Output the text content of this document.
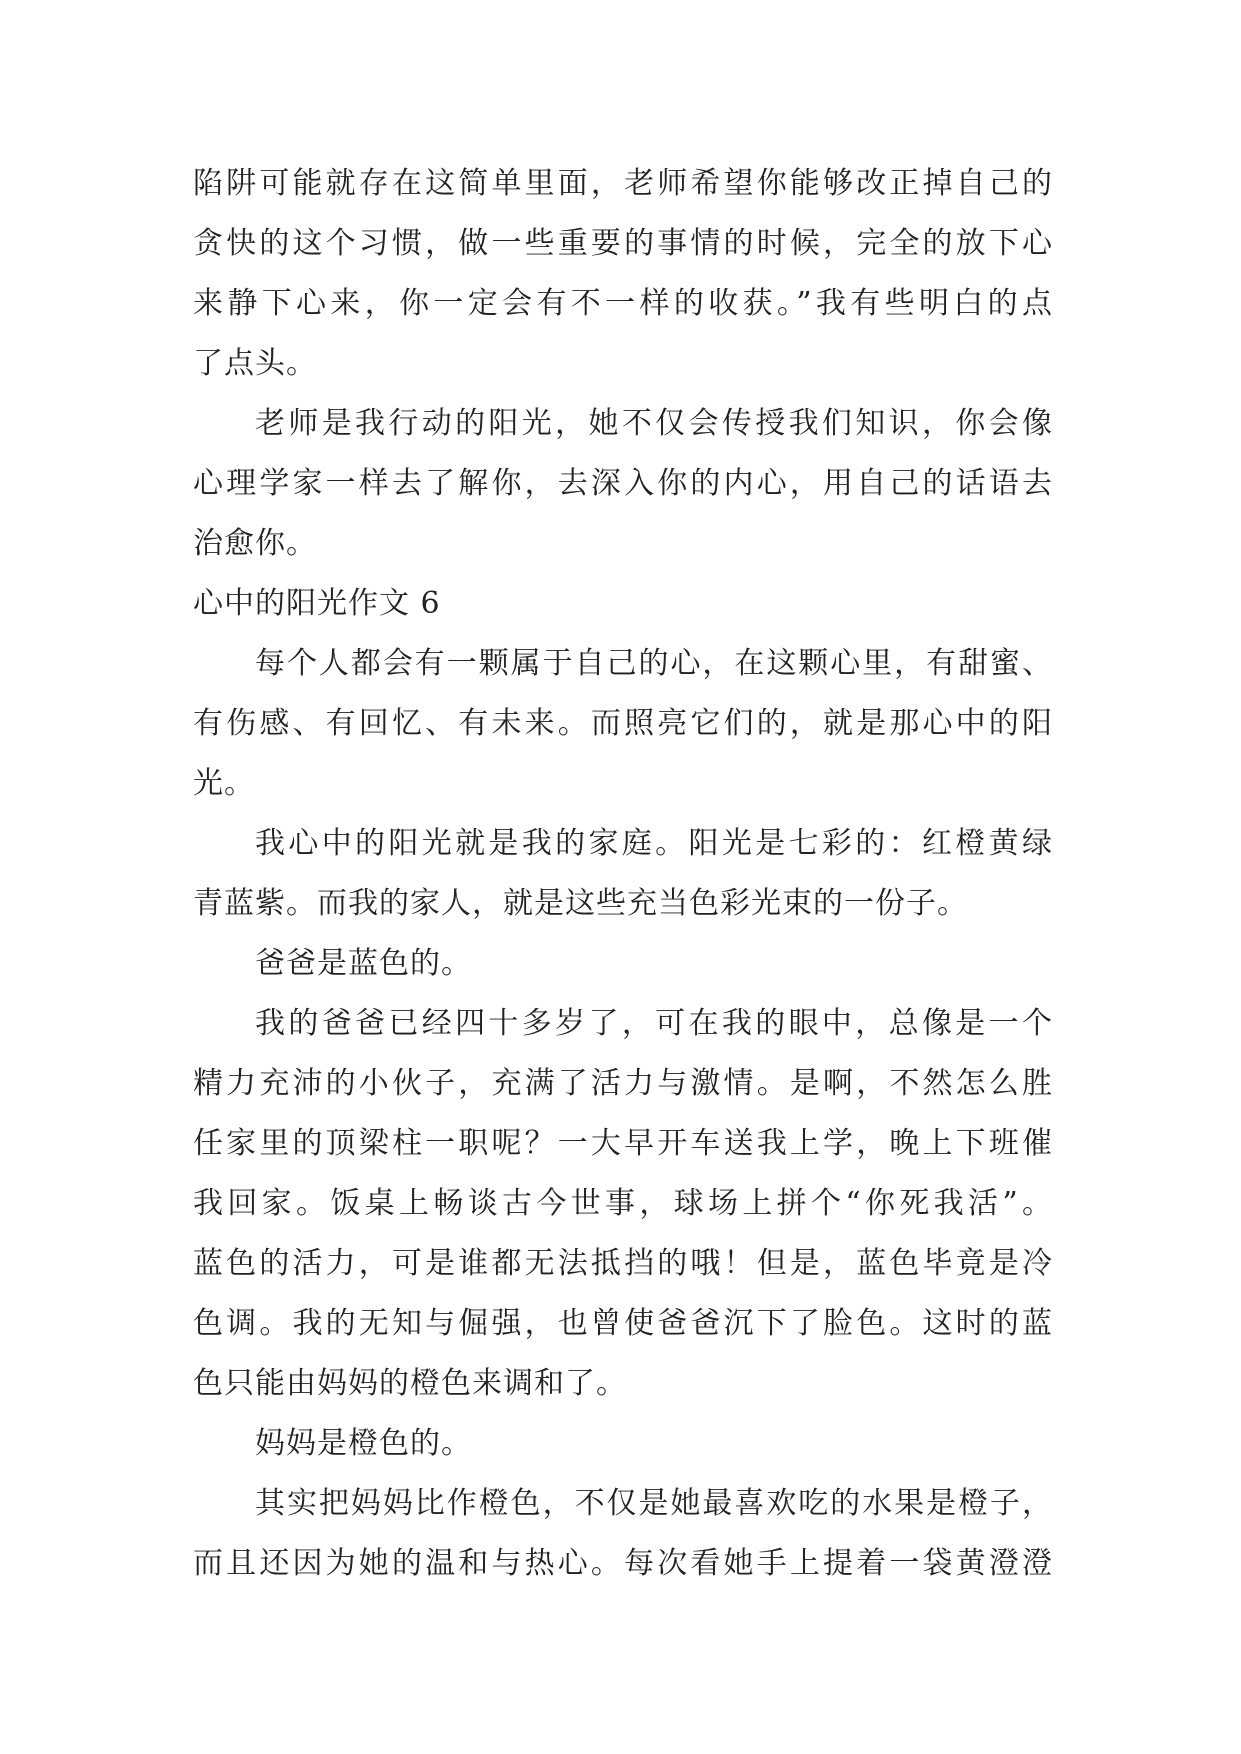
陷阱可能就存在这简单里面，老师希望你能够改正掉自己的
贪快的这个习惯，做一些重要的事情的时候，完全的放下心
来静下心来，你一定会有不一样的收获。”我有些明白的点
了点头。
老师是我行动的阳光，她不仅会传授我们知识，你会像
心理学家一样去了解你，去深入你的内心，用自己的话语去
治愈你。
心中的阳光作文 6
每个人都会有一颗属于自己的心，在这颗心里，有甜蜜、
有伤感、有回忆、有未来。而照亮它们的，就是那心中的阳
光。
我心中的阳光就是我的家庭。阳光是七彩的：红橙黄绿
青蓝紫。而我的家人，就是这些充当色彩光束的一份子。
爸爸是蓝色的。
我的爸爸已经四十多岁了，可在我的眼中，总像是一个
精力充沛的小伙子，充满了活力与激情。是啊，不然怎么胜
任家里的顶梁柱一职呢？一大早开车送我上学，晚上下班催
我回家。饭桌上畅谈古今世事，球场上拼个“你死我活”。
蓝色的活力，可是谁都无法抵挡的哦！但是，蓝色毕竟是冷
色调。我的无知与倔强，也曾使爸爸沉下了脸色。这时的蓝
色只能由妈妈的橙色来调和了。
妈妈是橙色的。
其实把妈妈比作橙色，不仅是她最喜欢吃的水果是橙子，
而且还因为她的温和与热心。每次看她手上提着一袋黄澄澄
